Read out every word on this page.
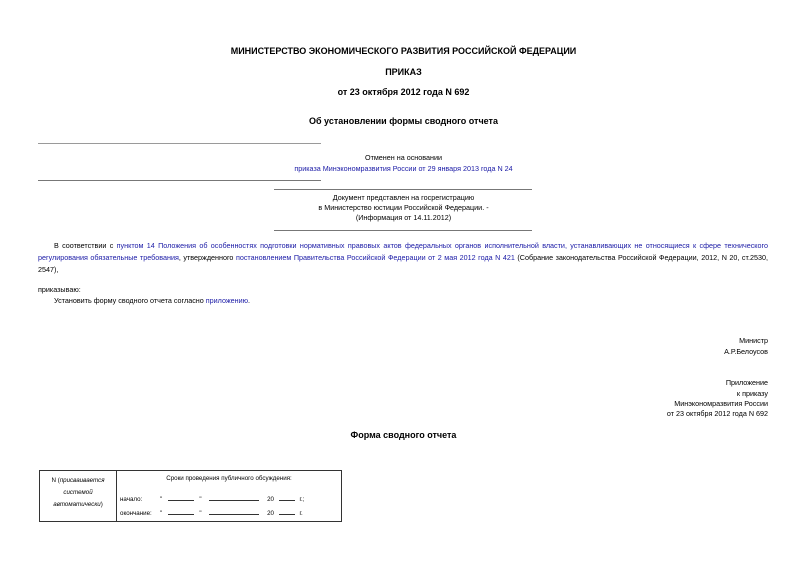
МИНИСТЕРСТВО ЭКОНОМИЧЕСКОГО РАЗВИТИЯ РОССИЙСКОЙ ФЕДЕРАЦИИ
ПРИКАЗ
от 23 октября 2012 года N 692
Об установлении формы сводного отчета
Отменен на основании
приказа Минэкономразвития России от 29 января 2013 года N 24
Документ представлен на госрегистрацию
в Министерство юстиции Российской Федерации. -
(Информация от 14.11.2012)
В соответствии с пунктом 14 Положения об особенностях подготовки нормативных правовых актов федеральных органов исполнительной власти, устанавливающих не относящиеся к сфере технического регулирования обязательные требования, утвержденного постановлением Правительства Российской Федерации от 2 мая 2012 года N 421 (Собрание законодательства Российской Федерации, 2012, N 20, ст.2530, 2547),
приказываю:
Установить форму сводного отчета согласно приложению.
Министр
А.Р.Белоусов
Приложение
к приказу
Минэкономразвития России
от 23 октября 2012 года N 692
Форма сводного отчета
N (присваивается
системой
автоматически)
Сроки проведения публичного обсуждения:
начало:	"	"	20	г.;
окончание: "	"	20	г.
